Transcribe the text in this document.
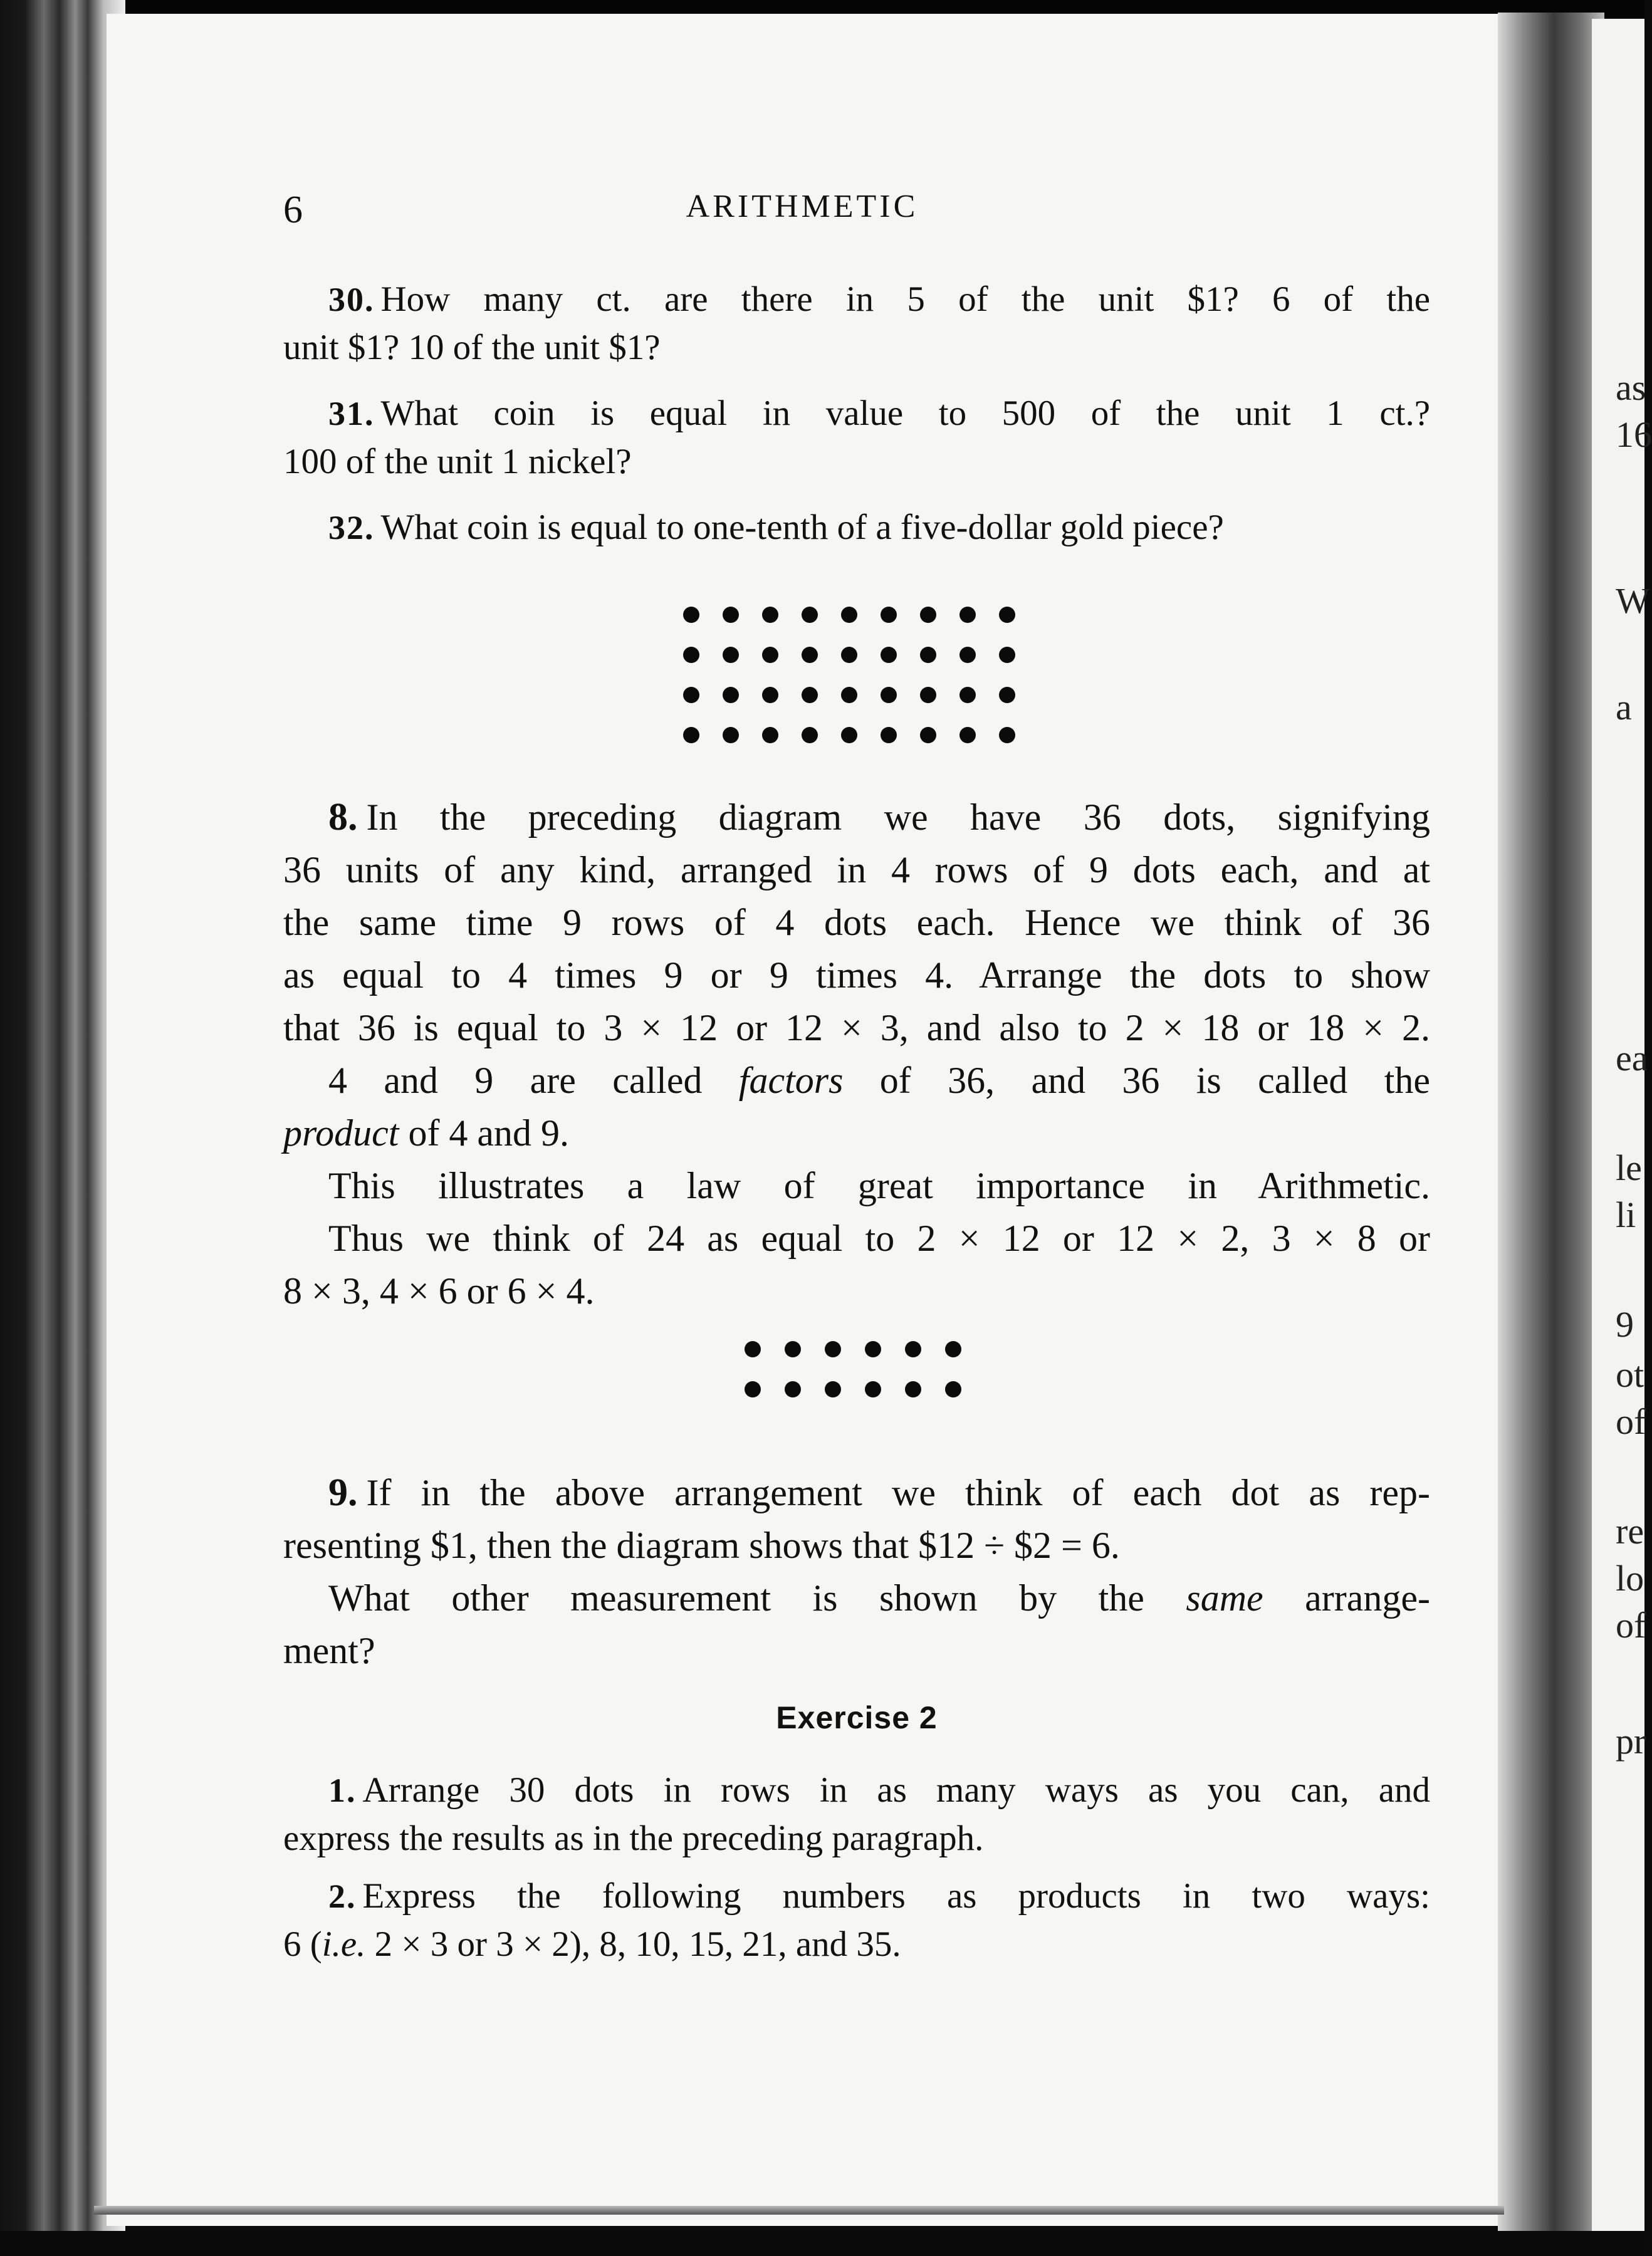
as
16
W
a
ea
le
li
9
ot
of
re
lo
of
pr
6	ARITHMETIC
30. How many ct. are there in 5 of the unit $1? 6 of the
unit $1? 10 of the unit $1?
31. What coin is equal in value to 500 of the unit 1 ct.?
100 of the unit 1 nickel?
32. What coin is equal to one-tenth of a five-dollar gold piece?
8. In the preceding diagram we have 36 dots, signifying
36 units of any kind, arranged in 4 rows of 9 dots each, and at
the same time 9 rows of 4 dots each. Hence we think of 36
as equal to 4 times 9 or 9 times 4. Arrange the dots to show
that 36 is equal to 3 × 12 or 12 × 3, and also to 2 × 18 or 18 × 2.
4 and 9 are called factors of 36, and 36 is called the
product of 4 and 9.
This illustrates a law of great importance in Arithmetic.
Thus we think of 24 as equal to 2 × 12 or 12 × 2, 3 × 8 or
8 × 3, 4 × 6 or 6 × 4.
9. If in the above arrangement we think of each dot as rep-
resenting $1, then the diagram shows that $12 ÷ $2 = 6.
What other measurement is shown by the same arrange-
ment?
Exercise 2
1. Arrange 30 dots in rows in as many ways as you can, and
express the results as in the preceding paragraph.
2. Express the following numbers as products in two ways:
6 (i.e. 2 × 3 or 3 × 2), 8, 10, 15, 21, and 35.
